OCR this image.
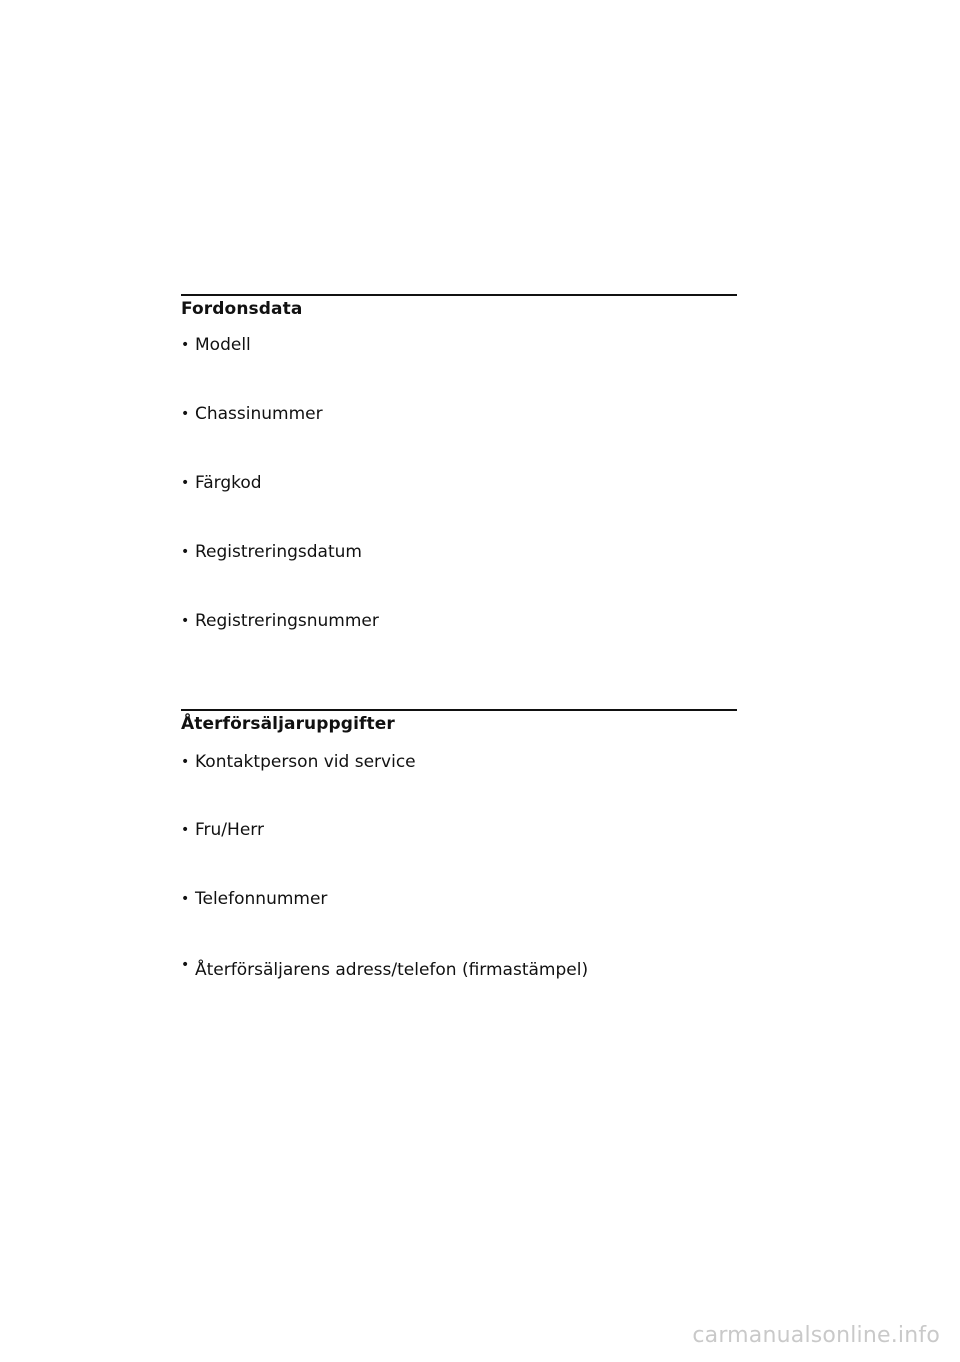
Fordonsdata
• Modell
• Chassinummer
• Färgkod
• Registreringsdatum
• Registreringsnummer
Återförsäljaruppgifter
• Kontaktperson vid service
• Fru/Herr
• Telefonnummer
• Återförsäljarens adress/telefon (firmastämpel)
carmanualsonline.info
